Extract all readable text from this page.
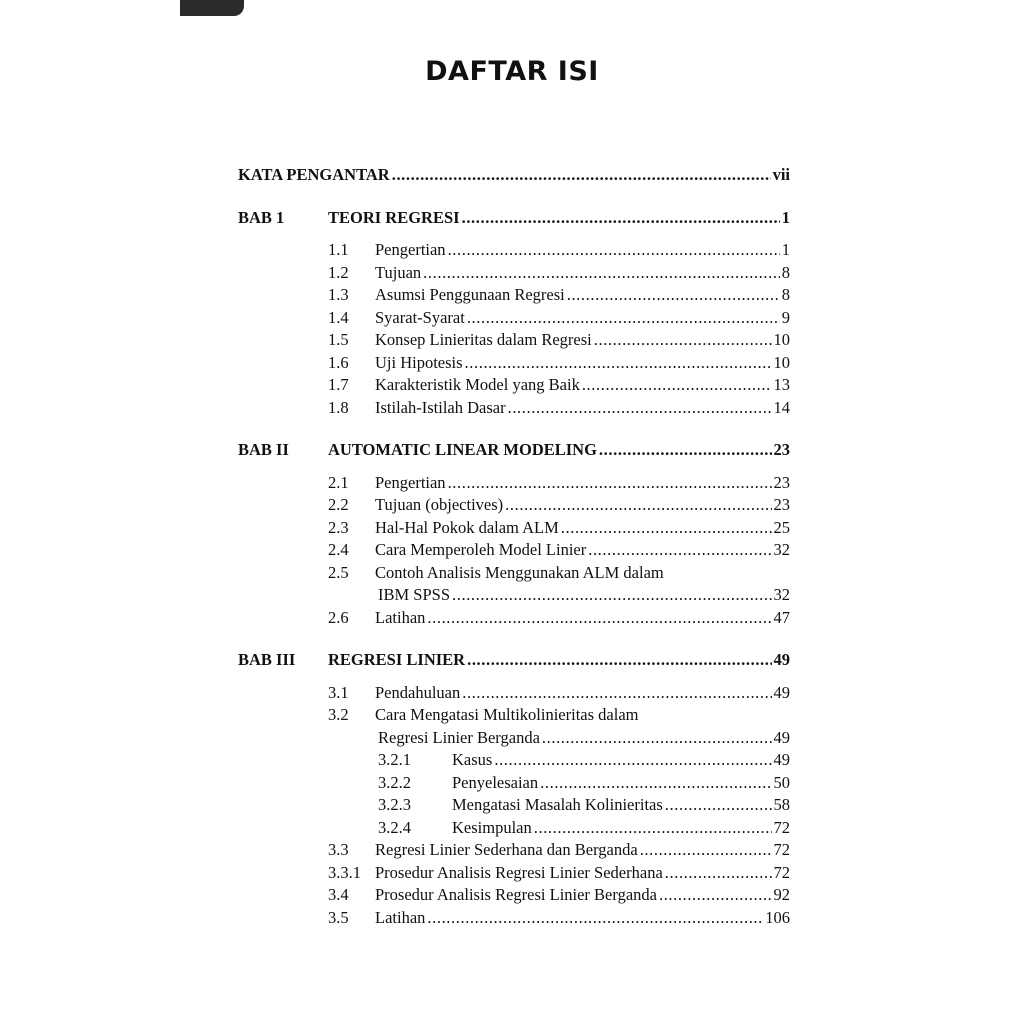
DAFTAR ISI
KATA PENGANTAR .....	vii
BAB 1	TEORI REGRESI .....	1
1.1	Pengertian .....	1
1.2	Tujuan .....	8
1.3	Asumsi Penggunaan Regresi .....	8
1.4	Syarat-Syarat .....	9
1.5	Konsep Linieritas dalam Regresi .....	10
1.6	Uji Hipotesis .....	10
1.7	Karakteristik Model yang Baik .....	13
1.8	Istilah-Istilah Dasar .....	14
BAB II	AUTOMATIC LINEAR MODELING .....	23
2.1	Pengertian .....	23
2.2	Tujuan (objectives) .....	23
2.3	Hal-Hal Pokok dalam ALM .....	25
2.4	Cara Memperoleh Model Linier .....	32
2.5	Contoh Analisis Menggunakan ALM dalam
IBM SPSS .....	32
2.6	Latihan .....	47
BAB III	REGRESI LINIER .....	49
3.1	Pendahuluan .....	49
3.2	Cara Mengatasi Multikolinieritas dalam
Regresi Linier Berganda .....	49
3.2.1	Kasus .....	49
3.2.2	Penyelesaian .....	50
3.2.3	Mengatasi Masalah Kolinieritas .....	58
3.2.4	Kesimpulan .....	72
3.3	Regresi Linier Sederhana dan Berganda .....	72
3.3.1 Prosedur Analisis Regresi Linier Sederhana .....	72
3.4	Prosedur Analisis Regresi Linier Berganda .....	92
3.5	Latihan .....	106
